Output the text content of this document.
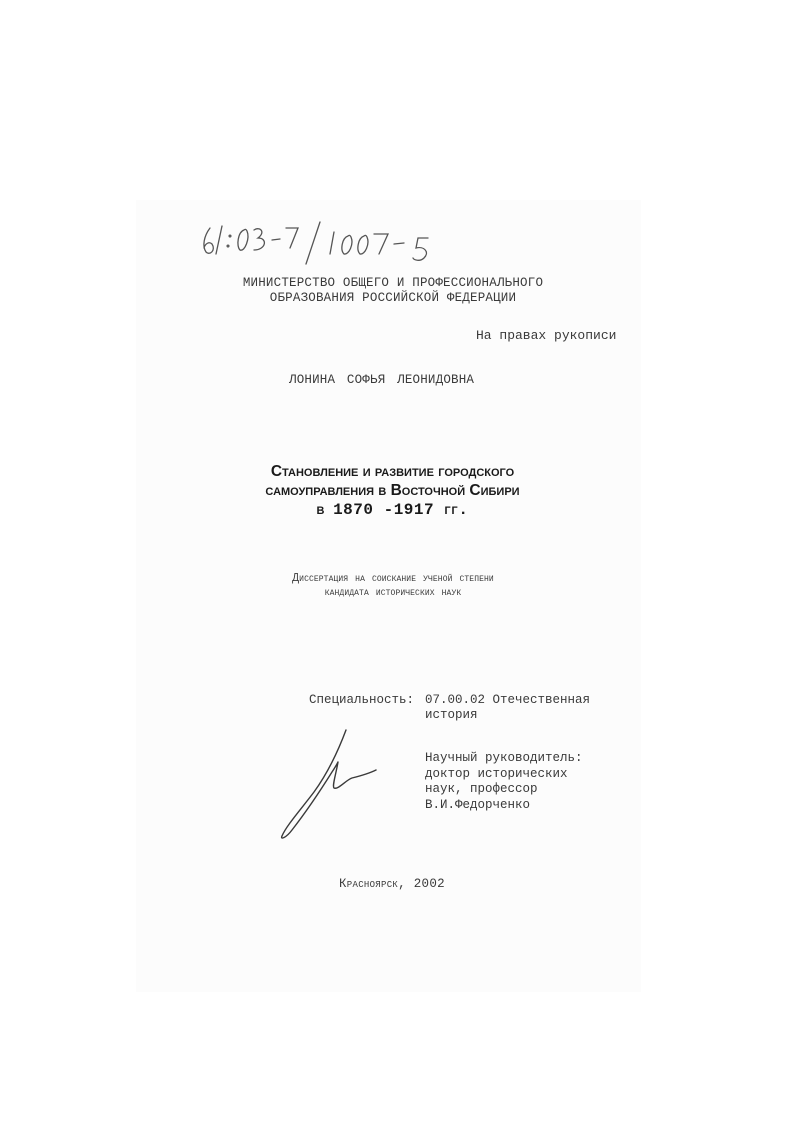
МИНИСТЕРСТВО ОБЩЕГО И ПРОФЕССИОНАЛЬНОГО
ОБРАЗОВАНИЯ РОССИЙСКОЙ ФЕДЕРАЦИИ
На правах рукописи
ЛОНИНА СОФЬЯ ЛЕОНИДОВНА
Становление и развитие городского
самоуправления в Восточной Сибири
в 1870 -1917 гг.
Диссертация на соискание ученой степени
кандидата исторических наук
Специальность: 07.00.02 Отечественная
история
Научный руководитель:
доктор исторических
наук, профессор
В.И.Федорченко
Красноярск, 2002
